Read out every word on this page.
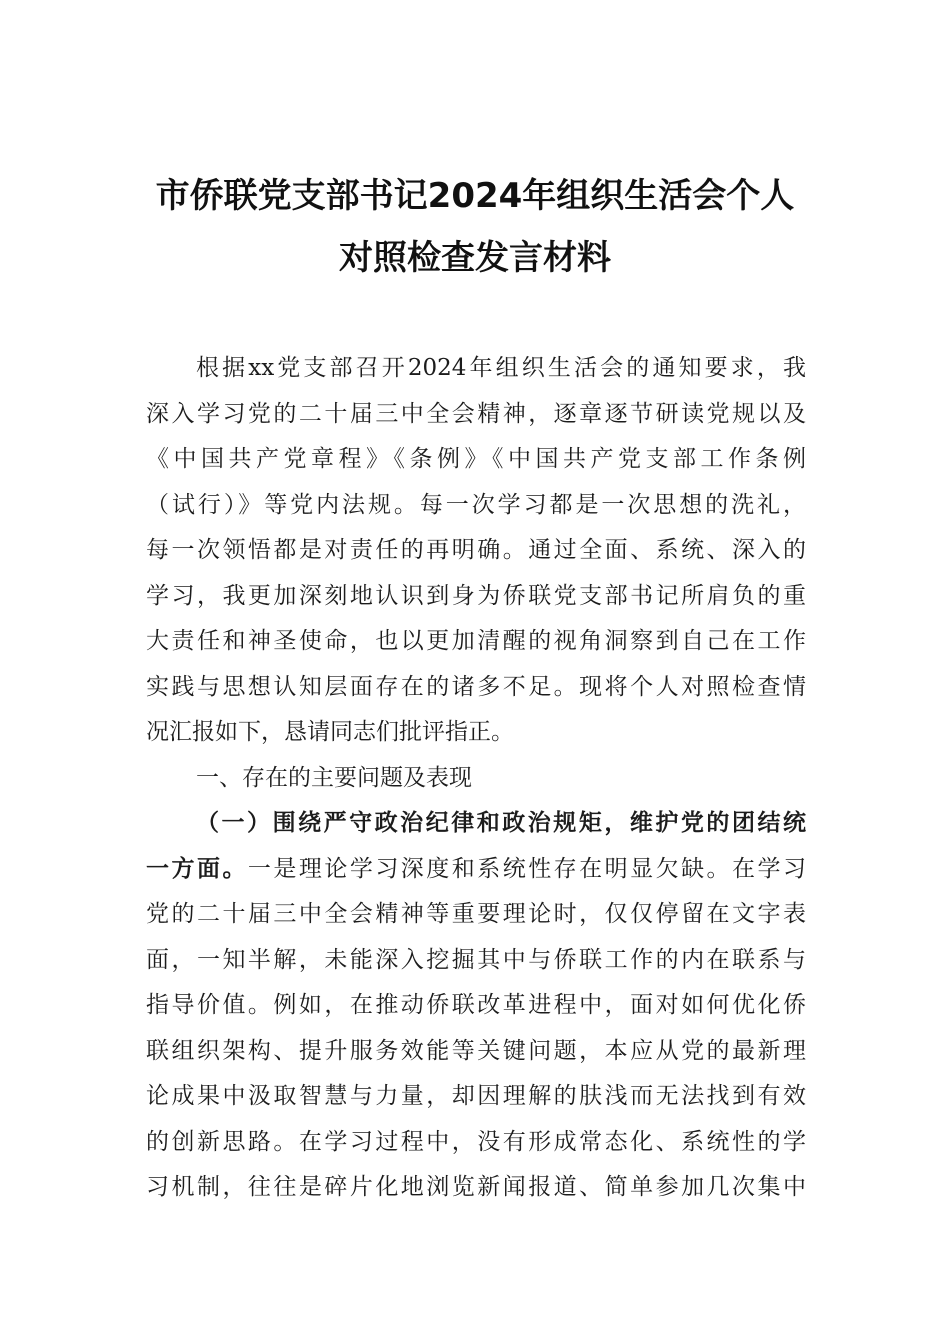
市侨联党支部书记2024年组织生活会个人
对照检查发言材料
根据xx党支部召开2024年组织生活会的通知要求，我
深入学习党的二十届三中全会精神，逐章逐节研读党规以及
《中国共产党章程》《条例》《中国共产党支部工作条例
（试行）》等党内法规。每一次学习都是一次思想的洗礼，
每一次领悟都是对责任的再明确。通过全面、系统、深入的
学习，我更加深刻地认识到身为侨联党支部书记所肩负的重
大责任和神圣使命，也以更加清醒的视角洞察到自己在工作
实践与思想认知层面存在的诸多不足。现将个人对照检查情
况汇报如下，恳请同志们批评指正。
一、存在的主要问题及表现
（一）围绕严守政治纪律和政治规矩，维护党的团结统
一方面。一是理论学习深度和系统性存在明显欠缺。在学习
党的二十届三中全会精神等重要理论时，仅仅停留在文字表
面，一知半解，未能深入挖掘其中与侨联工作的内在联系与
指导价值。例如，在推动侨联改革进程中，面对如何优化侨
联组织架构、提升服务效能等关键问题，本应从党的最新理
论成果中汲取智慧与力量，却因理解的肤浅而无法找到有效
的创新思路。在学习过程中，没有形成常态化、系统性的学
习机制，往往是碎片化地浏览新闻报道、简单参加几次集中
